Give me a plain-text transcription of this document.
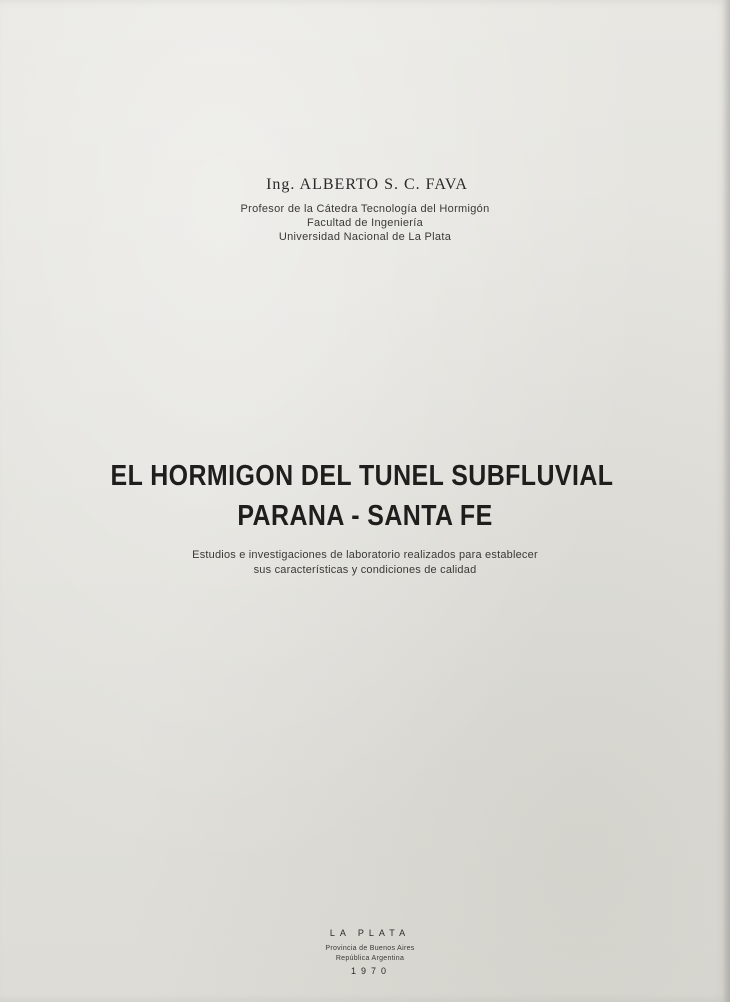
Ing. ALBERTO S. C. FAVA
Profesor de la Cátedra Tecnología del Hormigón
Facultad de Ingeniería
Universidad Nacional de La Plata
EL HORMIGON DEL TUNEL SUBFLUVIAL
PARANA - SANTA FE
Estudios e investigaciones de laboratorio realizados para establecer
sus características y condiciones de calidad
LA PLATA
Provincia de Buenos Aires
República Argentina
1970
